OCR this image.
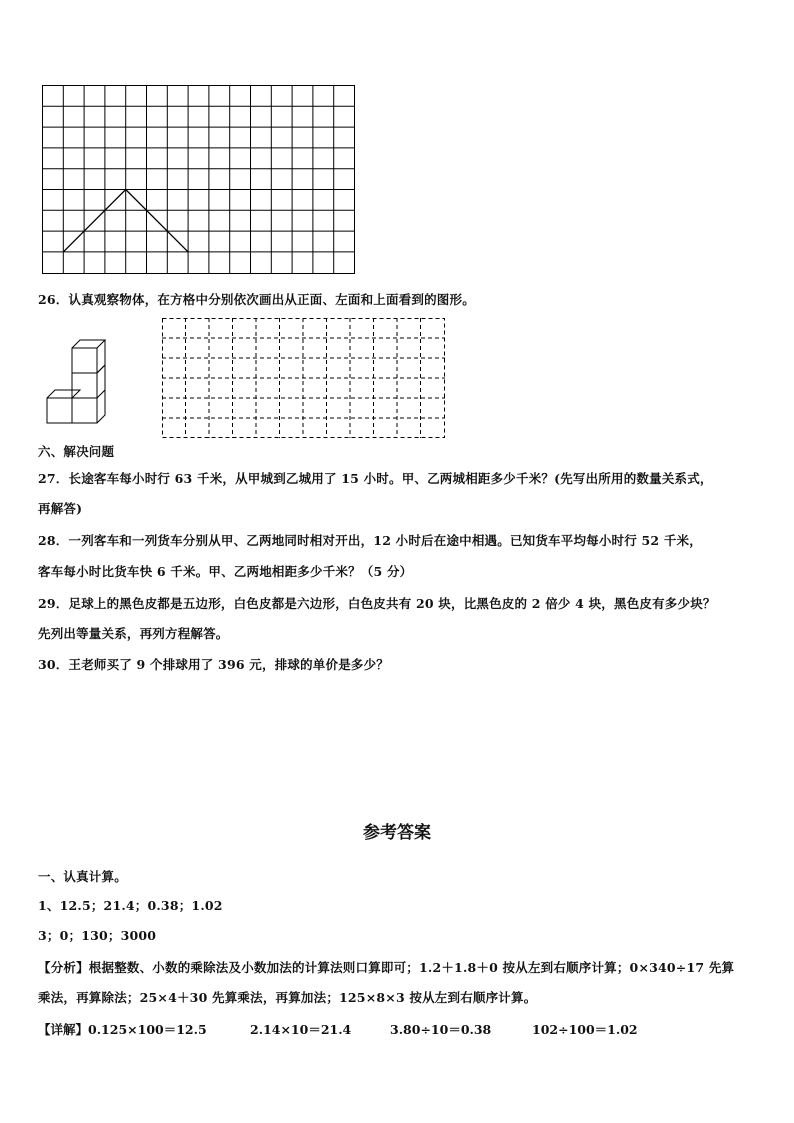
26．认真观察物体，在方格中分别依次画出从正面、左面和上面看到的图形。
六、解决问题
27．长途客车每小时行 63 千米，从甲城到乙城用了 15 小时。甲、乙两城相距多少千米？(先写出所用的数量关系式，
再解答)
28．一列客车和一列货车分别从甲、乙两地同时相对开出，12 小时后在途中相遇。已知货车平均每小时行 52 千米，
客车每小时比货车快 6 千米。甲、乙两地相距多少千米？（5 分）
29．足球上的黑色皮都是五边形，白色皮都是六边形，白色皮共有 20 块，比黑色皮的 2 倍少 4 块，黑色皮有多少块？
先列出等量关系，再列方程解答。
30．王老师买了 9 个排球用了 396 元，排球的单价是多少？
参考答案
一、认真计算。
1、12.5；21.4；0.38；1.02
3；0；130；3000
【分析】根据整数、小数的乘除法及小数加法的计算法则口算即可；1.2＋1.8＋0 按从左到右顺序计算；0×340÷17 先算
乘法，再算除法；25×4＋30 先算乘法，再算加法；125×8×3 按从左到右顺序计算。
【详解】0.125×100＝12.5	2.14×10＝21.4	3.80÷10＝0.38	102÷100＝1.02
